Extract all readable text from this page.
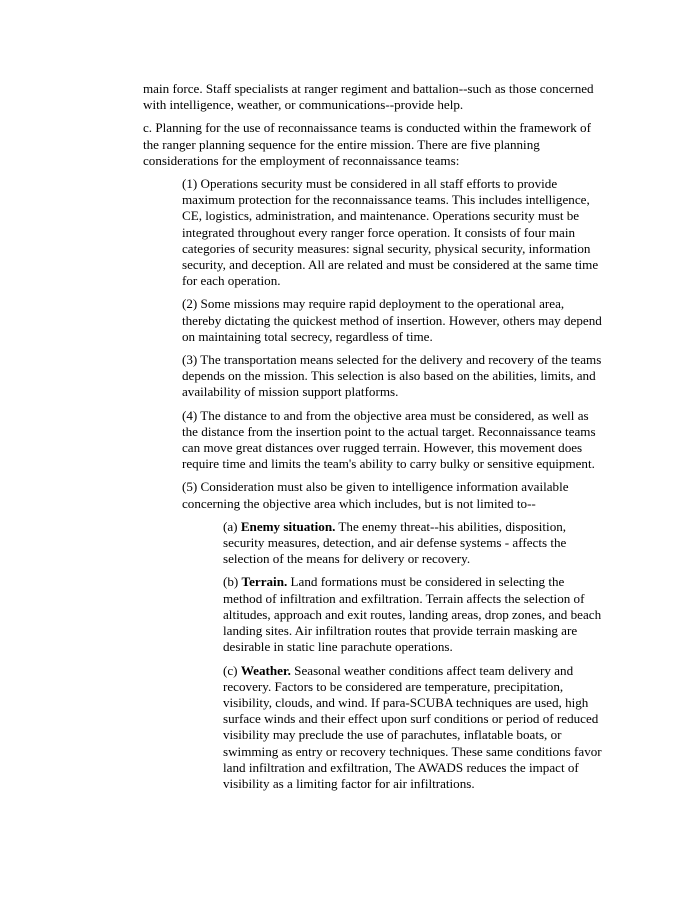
main force. Staff specialists at ranger regiment and battalion--such as those concerned with intelligence, weather, or communications--provide help.

c. Planning for the use of reconnaissance teams is conducted within the framework of the ranger planning sequence for the entire mission. There are five planning considerations for the employment of reconnaissance teams:

(1) Operations security must be considered in all staff efforts to provide maximum protection for the reconnaissance teams. This includes intelligence, CE, logistics, administration, and maintenance. Operations security must be integrated throughout every ranger force operation. It consists of four main categories of security measures: signal security, physical security, information security, and deception. All are related and must be considered at the same time for each operation.

(2) Some missions may require rapid deployment to the operational area, thereby dictating the quickest method of insertion. However, others may depend on maintaining total secrecy, regardless of time.

(3) The transportation means selected for the delivery and recovery of the teams depends on the mission. This selection is also based on the abilities, limits, and availability of mission support platforms.

(4) The distance to and from the objective area must be considered, as well as the distance from the insertion point to the actual target. Reconnaissance teams can move great distances over rugged terrain. However, this movement does require time and limits the team's ability to carry bulky or sensitive equipment.

(5) Consideration must also be given to intelligence information available concerning the objective area which includes, but is not limited to--

(a) Enemy situation. The enemy threat--his abilities, disposition, security measures, detection, and air defense systems - affects the selection of the means for delivery or recovery.

(b) Terrain. Land formations must be considered in selecting the method of infiltration and exfiltration. Terrain affects the selection of altitudes, approach and exit routes, landing areas, drop zones, and beach landing sites. Air infiltration routes that provide terrain masking are desirable in static line parachute operations.

(c) Weather. Seasonal weather conditions affect team delivery and recovery. Factors to be considered are temperature, precipitation, visibility, clouds, and wind. If para-SCUBA techniques are used, high surface winds and their effect upon surf conditions or period of reduced visibility may preclude the use of parachutes, inflatable boats, or swimming as entry or recovery techniques. These same conditions favor land infiltration and exfiltration, The AWADS reduces the impact of visibility as a limiting factor for air infiltrations.
